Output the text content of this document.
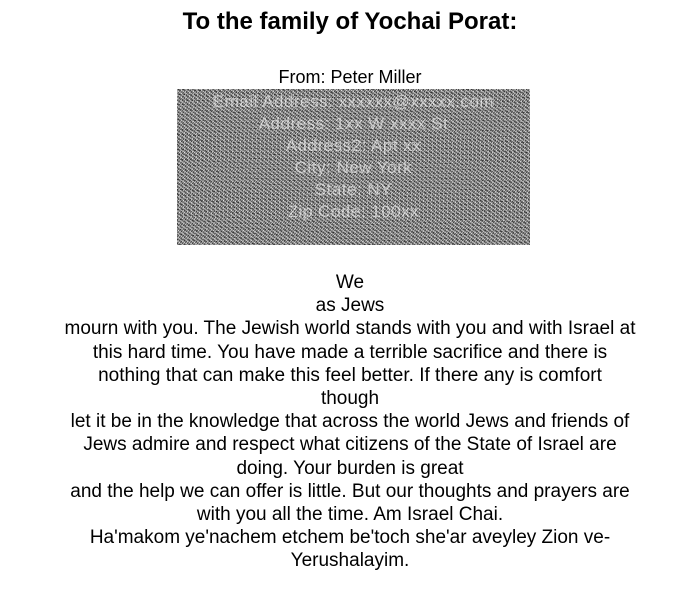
To the family of Yochai Porat:
From: Peter Miller
Email Address: xxxxxx@xxxxx.com
Address: 1xx W xxxx St
Address2: Apt xx
City: New York
State: NY
Zip Code: 100xx
We
as Jews
mourn with you. The Jewish world stands with you and with Israel at
this hard time. You have made a terrible sacrifice and there is
nothing that can make this feel better. If there any is comfort
though
let it be in the knowledge that across the world Jews and friends of
Jews admire and respect what citizens of the State of Israel are
doing. Your burden is great
and the help we can offer is little. But our thoughts and prayers are
with you all the time. Am Israel Chai.
Ha'makom ye'nachem etchem be'toch she'ar aveyley Zion ve-
Yerushalayim.
